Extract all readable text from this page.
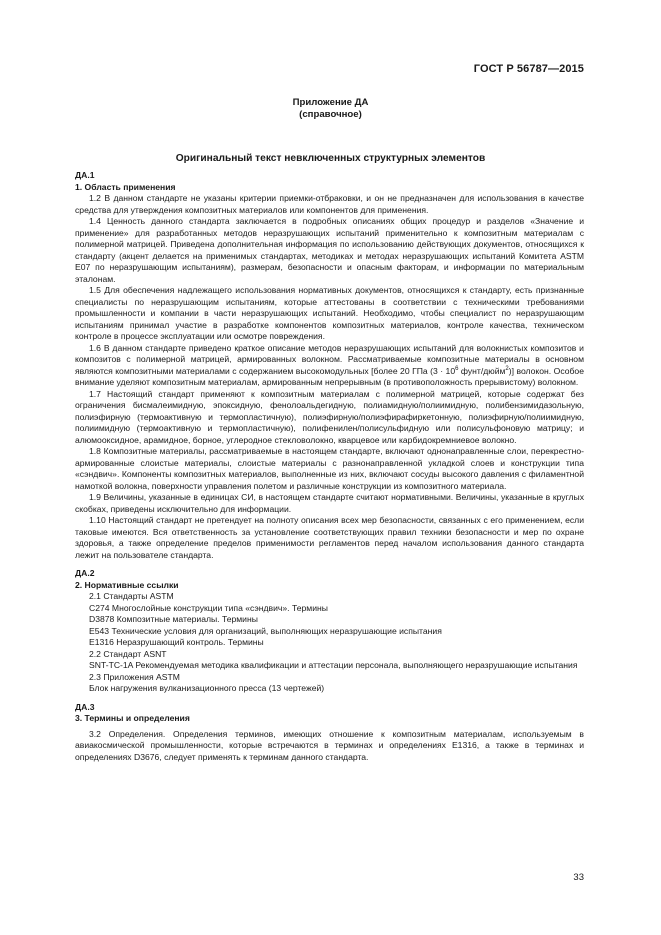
ГОСТ Р 56787—2015
Приложение ДА
(справочное)
Оригинальный текст невключенных структурных элементов

ДА.1

1. Область применения

1.2 В данном стандарте не указаны критерии приемки-отбраковки, и он не предназначен для использования в качестве средства для утверждения композитных материалов или компонентов для применения.

1.4 Ценность данного стандарта заключается в подробных описаниях общих процедур и разделов «Значение и применение» для разработанных методов неразрушающих испытаний применительно к композитным материалам с полимерной матрицей. Приведена дополнительная информация по использованию действующих документов, относящихся к стандарту (акцент делается на применимых стандартах, методиках и методах неразрушающих испытаний Комитета ASTM E07 по неразрушающим испытаниям), размерам, безопасности и опасным факторам, и информации по материальным эталонам.

1.5 Для обеспечения надлежащего использования нормативных документов, относящихся к стандарту, есть признанные специалисты по неразрушающим испытаниям, которые аттестованы в соответствии с техническими требованиями промышленности и компании в части неразрушающих испытаний. Необходимо, чтобы специалист по неразрушающим испытаниям принимал участие в разработке компонентов композитных материалов, контроле качества, техническом контроле в процессе эксплуатации или осмотре повреждения.

1.6 В данном стандарте приведено краткое описание методов неразрушающих испытаний для волокнистых композитов и композитов с полимерной матрицей, армированных волокном. Рассматриваемые композитные материалы в основном являются композитными материалами с содержанием высокомодульных [более 20 ГПа ($3 \cdot 10^6$ фунт/дюйм$^2$)] волокон. Особое внимание уделяют композитным материалам, армированным непрерывным (в противоположность прерывистому) волокном.

1.7 Настоящий стандарт применяют к композитным материалам с полимерной матрицей, которые содержат без ограничения бисмалеимидную, эпоксидную, фенолоальдегидную, полиамидную/полиимидную, полибензимидазольную, полиэфирную (термоактивную и термопластичную), полиэфирную/полиэфирафиркетонную, полиэфирную/полиимидную, полиимидную (термоактивную и термопластичную), полифенилен/полисульфидную или полисульфоновую матрицу; и алюмооксидное, арамидное, борное, углеродное стекловолокно, кварцевое или карбидокремниевое волокно.

1.8 Композитные материалы, рассматриваемые в настоящем стандарте, включают однонаправленные слои, перекрестно-армированные слоистые материалы, слоистые материалы с разнонаправленной укладкой слоев и конструкции типа «сэндвич». Компоненты композитных материалов, выполненные из них, включают сосуды высокого давления с филаментной намоткой волокна, поверхности управления полетом и различные конструкции из композитного материала.

1.9 Величины, указанные в единицах СИ, в настоящем стандарте считают нормативными. Величины, указанные в круглых скобках, приведены исключительно для информации.

1.10 Настоящий стандарт не претендует на полноту описания всех мер безопасности, связанных с его применением, если таковые имеются. Вся ответственность за установление соответствующих правил техники безопасности и мер по охране здоровья, а также определение пределов применимости регламентов перед началом использования данного стандарта лежит на пользователе стандарта.

ДА.2

2. Нормативные ссылки

2.1 Стандарты ASTM

C274 Многослойные конструкции типа «сэндвич». Термины

D3878 Композитные материалы. Термины

E543 Технические условия для организаций, выполняющих неразрушающие испытания

E1316 Неразрушающий контроль. Термины

2.2 Стандарт ASNT

SNT-TC-1A Рекомендуемая методика квалификации и аттестации персонала, выполняющего неразрушающие испытания

2.3 Приложения ASTM

Блок нагружения вулканизационного пресса (13 чертежей)

ДА.3

3. Термины и определения

3.2 Определения. Определения терминов, имеющих отношение к композитным материалам, используемым в авиакосмической промышленности, которые встречаются в терминах и определениях E1316, а также в терминах и определениях D3676, следует применять к терминам данного стандарта.

33
